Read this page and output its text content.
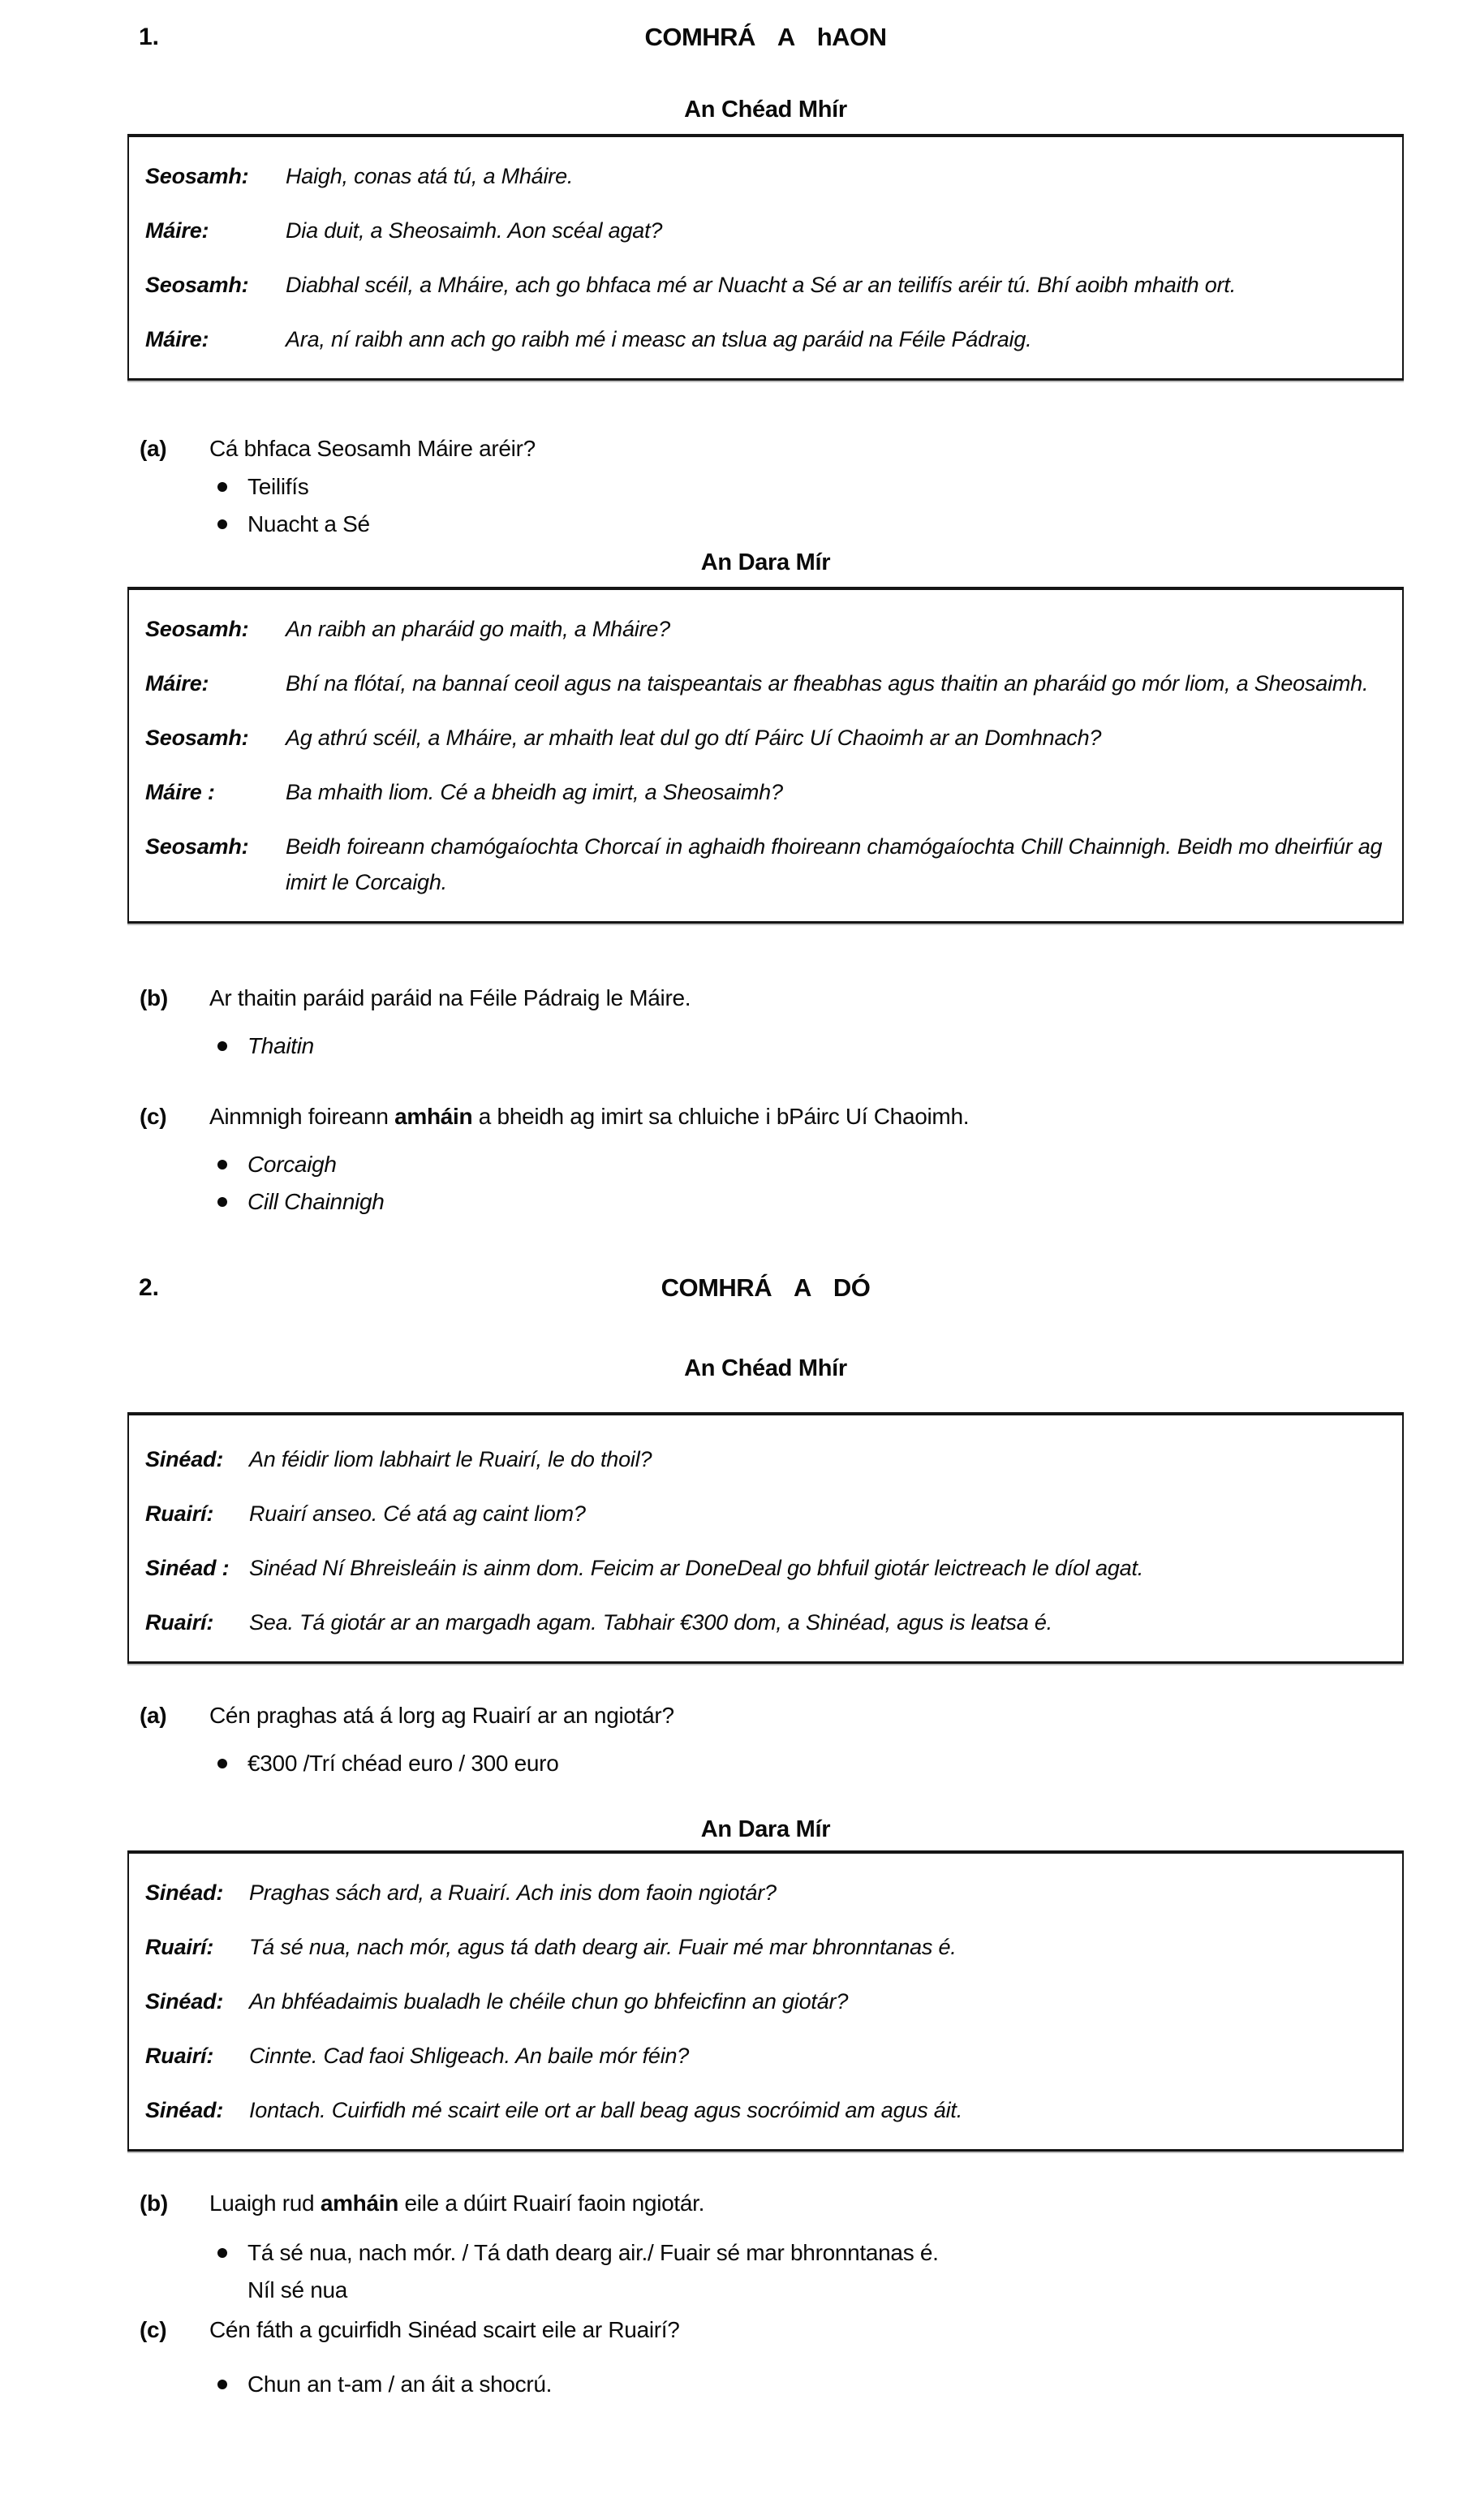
1.	COMHRÁ A hAON
An Chéad Mhír
Seosamh:	Haigh, conas atá tú, a Mháire.
Máire:	Dia duit, a Sheosaimh. Aon scéal agat?
Seosamh:	Diabhal scéil, a Mháire, ach go bhfaca mé ar Nuacht a Sé ar an teilifís aréir tú. Bhí aoibh mhaith ort.
Máire:	Ara, ní raibh ann ach go raibh mé i measc an tslua ag paráid na Féile Pádraig.
(a)	Cá bhfaca Seosamh Máire aréir?
Teilifís
Nuacht a Sé
An Dara Mír
Seosamh:	An raibh an pharáid go maith, a Mháire?
Máire:	Bhí na flótaí, na bannaí ceoil agus na taispeantais ar fheabhas agus thaitin an pharáid go mór liom, a Sheosaimh.
Seosamh:	Ag athrú scéil, a Mháire, ar mhaith leat dul go dtí Páirc Uí Chaoimh ar an Domhnach?
Máire :	Ba mhaith liom. Cé a bheidh ag imirt, a Sheosaimh?
Seosamh:	Beidh foireann chamógaíochta Chorcaí in aghaidh fhoireann chamógaíochta Chill Chainnigh. Beidh mo dheirfiúr ag imirt le Corcaigh.
(b)	Ar thaitin paráid paráid na Féile Pádraig le Máire.
Thaitin
(c)	Ainmnigh foireann amháin a bheidh ag imirt sa chluiche i bPáirc Uí Chaoimh.
Corcaigh
Cill Chainnigh
2.	COMHRÁ A DÓ
An Chéad Mhír
Sinéad:	An féidir liom labhairt le Ruairí, le do thoil?
Ruairí:	Ruairí anseo. Cé atá ag caint liom?
Sinéad : Sinéad Ní Bhreisleáin is ainm dom. Feicim ar DoneDeal go bhfuil giotár leictreach le díol agat.
Ruairí:	Sea. Tá giotár ar an margadh agam. Tabhair €300 dom, a Shinéad, agus is leatsa é.
(a)	Cén praghas atá á lorg ag Ruairí ar an ngiotár?
€300 /Trí chéad euro / 300 euro
An Dara Mír
Sinéad:	Praghas sách ard, a Ruairí. Ach inis dom faoin ngiotár?
Ruairí:	Tá sé nua, nach mór, agus tá dath dearg air. Fuair mé mar bhronntanas é.
Sinéad:	An bhféadaimis bualadh le chéile chun go bhfeicfinn an giotár?
Ruairí:	Cinnte. Cad faoi Shligeach. An baile mór féin?
Sinéad:	Iontach. Cuirfidh mé scairt eile ort ar ball beag agus socróimid am agus áit.
(b)	Luaigh rud amháin eile a dúirt Ruairí faoin ngiotár.
Tá sé nua, nach mór. / Tá dath dearg air./ Fuair sé mar bhronntanas é.
Níl sé nua
(c)	Cén fáth a gcuirfidh Sinéad scairt eile ar Ruairí?
Chun an t-am / an áit a shocrú.
